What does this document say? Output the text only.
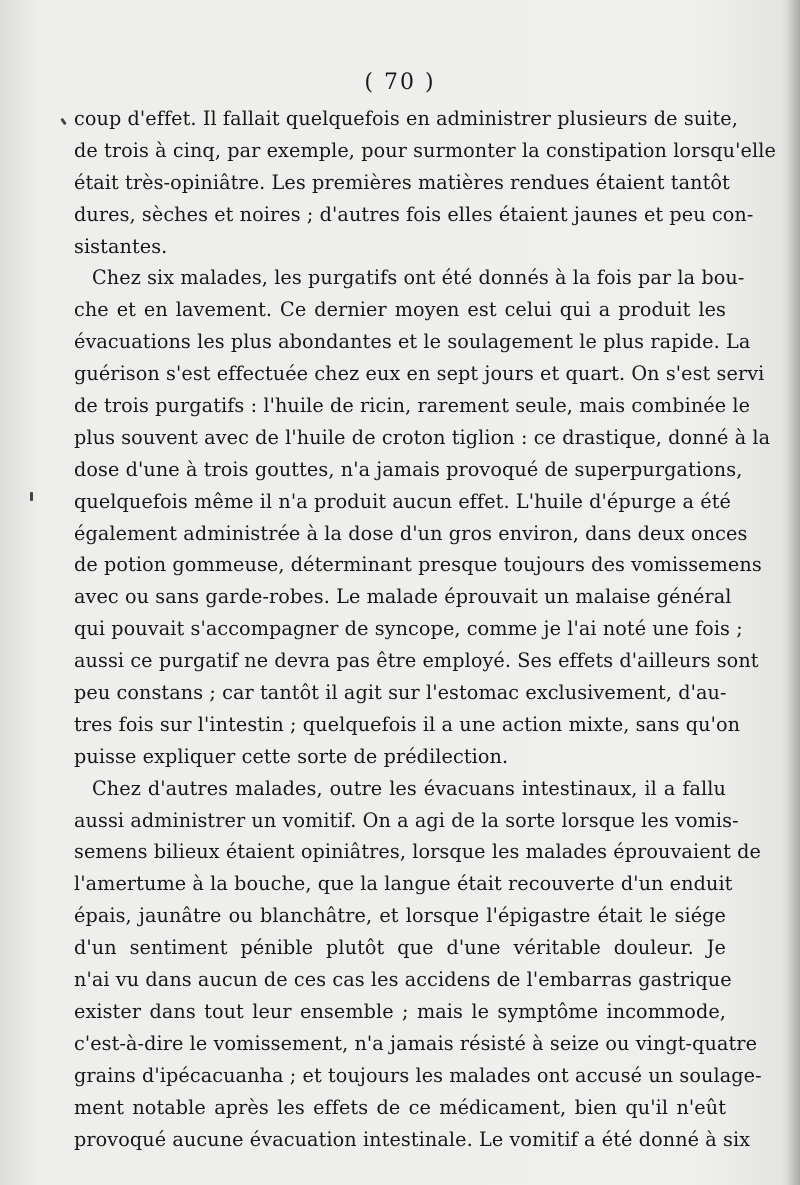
( 70 )
coup d'effet. Il fallait quelquefois en administrer plusieurs de suite,
de trois à cinq, par exemple, pour surmonter la constipation lorsqu'elle
était très-opiniâtre. Les premières matières rendues étaient tantôt
dures, sèches et noires ; d'autres fois elles étaient jaunes et peu con-
sistantes.
Chez six malades, les purgatifs ont été donnés à la fois par la bou-
che et en lavement. Ce dernier moyen est celui qui a produit les
évacuations les plus abondantes et le soulagement le plus rapide. La
guérison s'est effectuée chez eux en sept jours et quart. On s'est servi
de trois purgatifs : l'huile de ricin, rarement seule, mais combinée le
plus souvent avec de l'huile de croton tiglion : ce drastique, donné à la
dose d'une à trois gouttes, n'a jamais provoqué de superpurgations,
quelquefois même il n'a produit aucun effet. L'huile d'épurge a été
également administrée à la dose d'un gros environ, dans deux onces
de potion gommeuse, déterminant presque toujours des vomissemens
avec ou sans garde-robes. Le malade éprouvait un malaise général
qui pouvait s'accompagner de syncope, comme je l'ai noté une fois ;
aussi ce purgatif ne devra pas être employé. Ses effets d'ailleurs sont
peu constans ; car tantôt il agit sur l'estomac exclusivement, d'au-
tres fois sur l'intestin ; quelquefois il a une action mixte, sans qu'on
puisse expliquer cette sorte de prédilection.
Chez d'autres malades, outre les évacuans intestinaux, il a fallu
aussi administrer un vomitif. On a agi de la sorte lorsque les vomis-
semens bilieux étaient opiniâtres, lorsque les malades éprouvaient de
l'amertume à la bouche, que la langue était recouverte d'un enduit
épais, jaunâtre ou blanchâtre, et lorsque l'épigastre était le siége
d'un sentiment pénible plutôt que d'une véritable douleur. Je
n'ai vu dans aucun de ces cas les accidens de l'embarras gastrique
exister dans tout leur ensemble ; mais le symptôme incommode,
c'est-à-dire le vomissement, n'a jamais résisté à seize ou vingt-quatre
grains d'ipécacuanha ; et toujours les malades ont accusé un soulage-
ment notable après les effets de ce médicament, bien qu'il n'eût
provoqué aucune évacuation intestinale. Le vomitif a été donné à six
